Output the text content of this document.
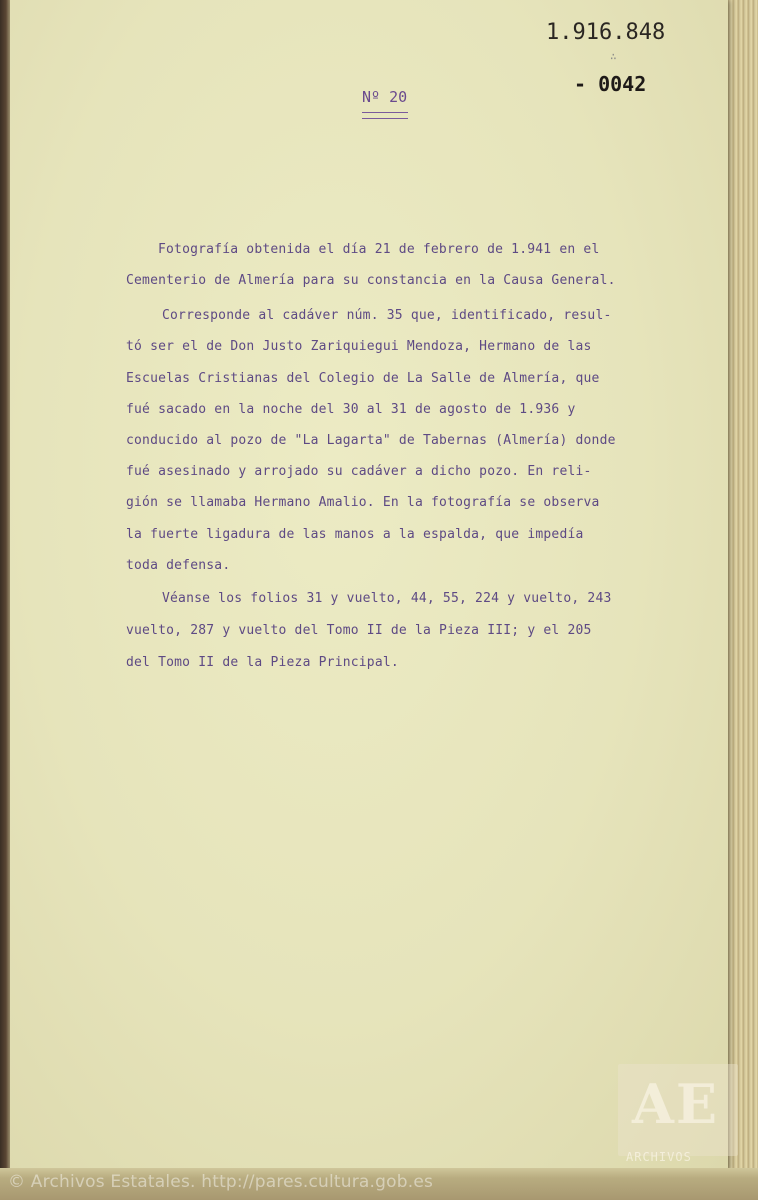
1.916.848
∴
- 0042
Nº 20
Fotografía obtenida el día 21 de febrero de 1.941 en el
Cementerio de Almería para su constancia en la Causa General.
Corresponde al cadáver núm. 35 que, identificado, resul-
tó ser el de Don Justo Zariquiegui Mendoza, Hermano de las
Escuelas Cristianas del Colegio de La Salle de Almería, que
fué sacado en la noche del 30 al 31 de agosto de 1.936 y
conducido al pozo de "La Lagarta" de Tabernas (Almería) donde
fué asesinado y arrojado su cadáver a dicho pozo. En reli-
gión se llamaba Hermano Amalio. En la fotografía se observa
la fuerte ligadura de las manos a la espalda, que impedía
toda defensa.
Véanse los folios 31 y vuelto, 44, 55, 224 y vuelto, 243
vuelto, 287 y vuelto del Tomo II de la Pieza III; y el 205
del Tomo II de la Pieza Principal.
AE
ARCHIVOS
© Archivos Estatales. http://pares.cultura.gob.es
